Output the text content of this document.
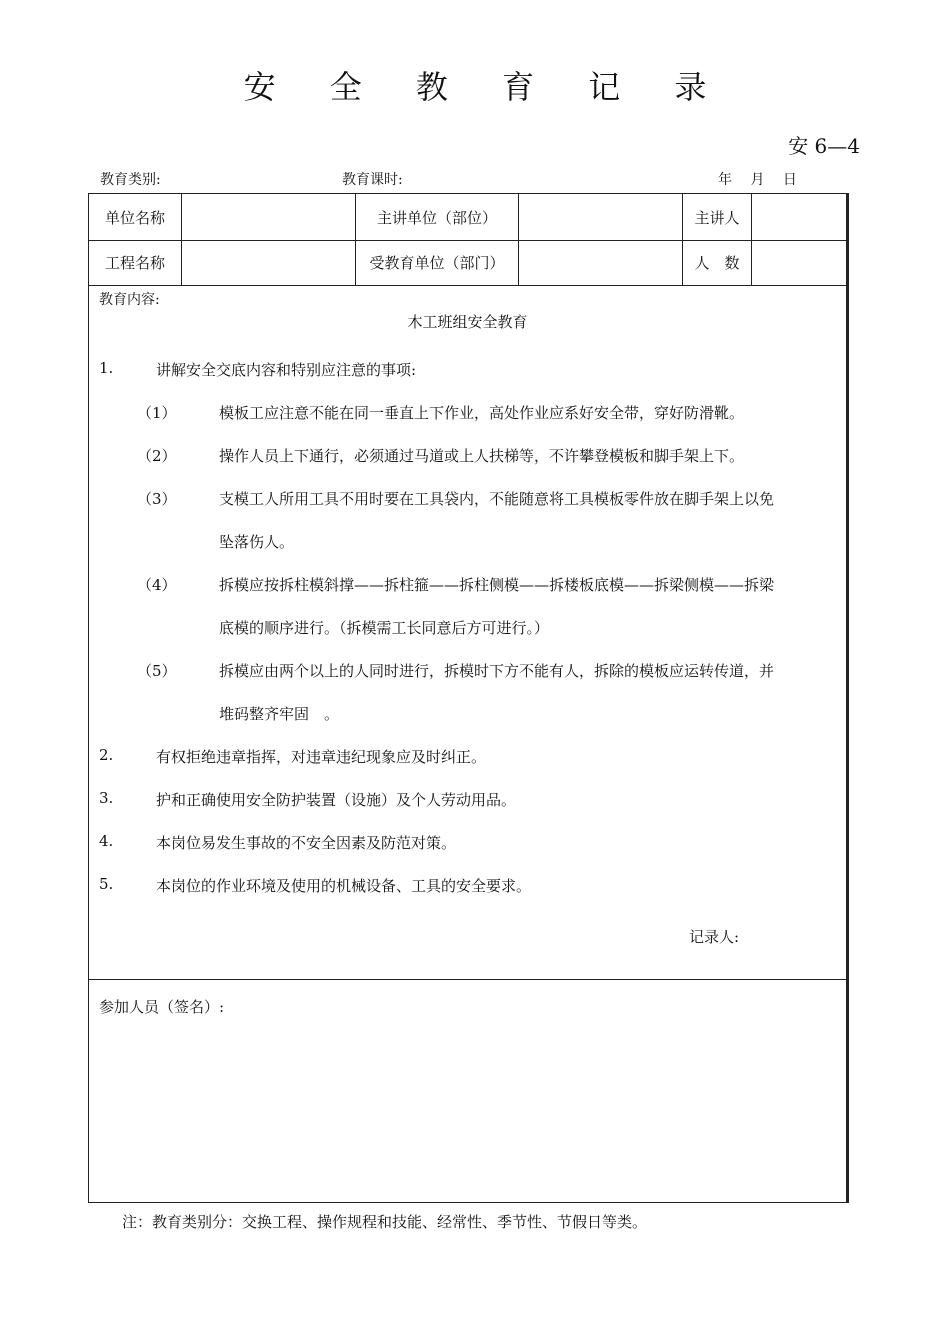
安 全 教 育 记 录
安 6—4
教育类别:	教育课时:	年 月 日
单位名称	主讲单位（部位）	主讲人
工程名称	受教育单位（部门）	人　数
教育内容:
木工班组安全教育
1.	讲解安全交底内容和特别应注意的事项:
（1）	模板工应注意不能在同一垂直上下作业，高处作业应系好安全带，穿好防滑靴。
（2）	操作人员上下通行，必须通过马道或上人扶梯等，不许攀登模板和脚手架上下。
（3）	支模工人所用工具不用时要在工具袋内，不能随意将工具模板零件放在脚手架上以免
坠落伤人。
（4）	拆模应按拆柱模斜撑——拆柱箍——拆柱侧模——拆楼板底模——拆梁侧模——拆梁
底模的顺序进行。（拆模需工长同意后方可进行。）
（5）	拆模应由两个以上的人同时进行，拆模时下方不能有人，拆除的模板应运转传道，并
堆码整齐牢固　。
2.	有权拒绝违章指挥，对违章违纪现象应及时纠正。
3.	护和正确使用安全防护装置（设施）及个人劳动用品。
4.	本岗位易发生事故的不安全因素及防范对策。
5.	本岗位的作业环境及使用的机械设备、工具的安全要求。
记录人:
参加人员（签名）:
注：教育类别分：交换工程、操作规程和技能、经常性、季节性、节假日等类。
